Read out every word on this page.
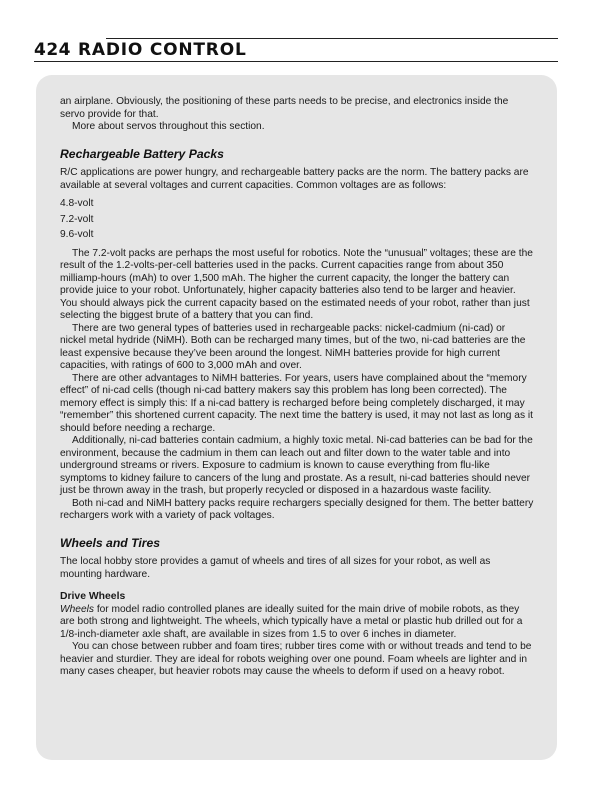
424 RADIO CONTROL

an airplane. Obviously, the positioning of these parts needs to be precise, and electronics inside the servo provide for that.

More about servos throughout this section.

Rechargeable Battery Packs

R/C applications are power hungry, and rechargeable battery packs are the norm. The battery packs are available at several voltages and current capacities. Common voltages are as follows:

4.8-volt

7.2-volt

9.6-volt

The 7.2-volt packs are perhaps the most useful for robotics. Note the “unusual” voltages; these are the result of the 1.2-volts-per-cell batteries used in the packs. Current capacities range from about 350 milliamp-hours (mAh) to over 1,500 mAh. The higher the current capacity, the longer the battery can provide juice to your robot. Unfortunately, higher capacity batteries also tend to be larger and heavier. You should always pick the current capacity based on the estimated needs of your robot, rather than just selecting the biggest brute of a battery that you can find.

There are two general types of batteries used in rechargeable packs: nickel-cadmium (ni-cad) or nickel metal hydride (NiMH). Both can be recharged many times, but of the two, ni-cad batteries are the least expensive because they’ve been around the longest. NiMH batteries provide for high current capacities, with ratings of 600 to 3,000 mAh and over.

There are other advantages to NiMH batteries. For years, users have complained about the “memory effect” of ni-cad cells (though ni-cad battery makers say this problem has long been corrected). The memory effect is simply this: If a ni-cad battery is recharged before being completely discharged, it may “remember” this shortened current capacity. The next time the battery is used, it may not last as long as it should before needing a recharge.

Additionally, ni-cad batteries contain cadmium, a highly toxic metal. Ni-cad batteries can be bad for the environment, because the cadmium in them can leach out and filter down to the water table and into underground streams or rivers. Exposure to cadmium is known to cause everything from flu-like symptoms to kidney failure to cancers of the lung and prostate. As a result, ni-cad batteries should never just be thrown away in the trash, but properly recycled or disposed in a hazardous waste facility.

Both ni-cad and NiMH battery packs require rechargers specially designed for them. The better battery rechargers work with a variety of pack voltages.

Wheels and Tires

The local hobby store provides a gamut of wheels and tires of all sizes for your robot, as well as mounting hardware.

Drive Wheels

Wheels for model radio controlled planes are ideally suited for the main drive of mobile robots, as they are both strong and lightweight. The wheels, which typically have a metal or plastic hub drilled out for a 1/8-inch-diameter axle shaft, are available in sizes from 1.5 to over 6 inches in diameter.

You can chose between rubber and foam tires; rubber tires come with or without treads and tend to be heavier and sturdier. They are ideal for robots weighing over one pound. Foam wheels are lighter and in many cases cheaper, but heavier robots may cause the wheels to deform if used on a heavy robot.
